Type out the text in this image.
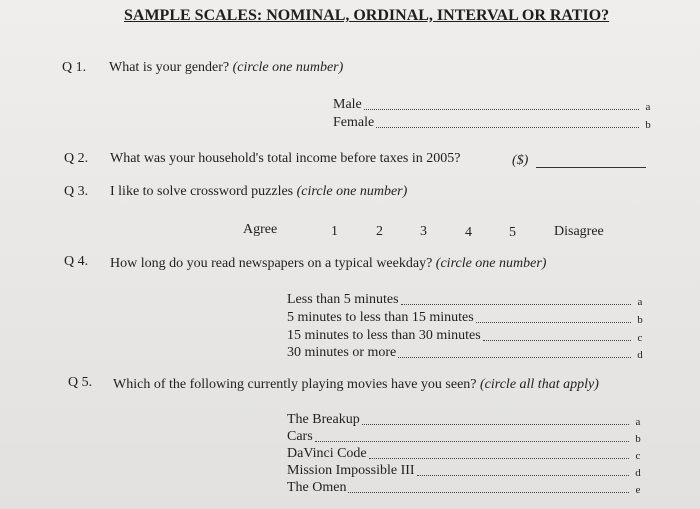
SAMPLE SCALES: NOMINAL, ORDINAL, INTERVAL OR RATIO?
Q 1. What is your gender? (circle one number)
Male	a
Female	b
Q 2. What was your household's total income before taxes in 2005?	($)
Q 3. I like to solve crossword puzzles (circle one number)
Agree	1	2	3	4	5	Disagree
Q 4. How long do you read newspapers on a typical weekday? (circle one number)
Less than 5 minutes	a
5 minutes to less than 15 minutes	b
15 minutes to less than 30 minutes	c
30 minutes or more	d
Q 5. Which of the following currently playing movies have you seen? (circle all that apply)
The Breakup	a
Cars	b
DaVinci Code	c
Mission Impossible III	d
The Omen	e
